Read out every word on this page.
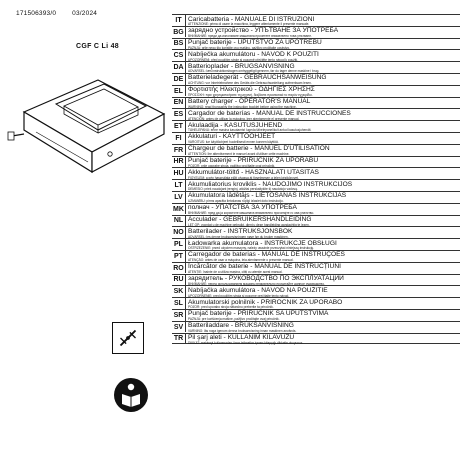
171506393/0 03/2024
CGF C Li 48
IT Caricabatteria - MANUALE DI ISTRUZIONI
ATTENZIONE: prima di usare la macchina, leggere attentamente il presente manuale.
BG зарядно устройство - УПЪТВАНЕ ЗА УПОТРЕБА
ВНИМАНИЕ: преди да използвате машината прочетете внимателно това упътване.
BS Punjač baterije - UPUTSTVO ZA UPOTREBU
PAŽNJA: prije nego što koristite ovu mašinu, pažljivo pročitajte uputstvo.
CS Nabíječka akumulátoru - NÁVOD K POUŽITÍ
UPOZORNĚNÍ: před použitím stroje si pozorně přečtěte tento návod k použití.
DA Batterioplader - BRUGSANVISNING
ADVARSEL: læs instruktionsbogen omhyggeligt igennem, før du tager denne maskine i brug.
DE Batterieladegerät - GEBRAUCHSANWEISUNG
ACHTUNG: vor Inbetriebnahme des Geräts die Gebrauchsanleitung aufmerksam lesen.
EL Φορτιστής Ηλεκτρικού - ΟΔΗΓΙΕΣ ΧΡΗΣΗΣ
ΠΡΟΣΟΧΗ: πριν χρησιμοποιήσετε τη μηχανή, διαβάστε προσεκτικά το παρόν εγχειρίδιο.
EN Battery charger - OPERATOR'S MANUAL
WARNING: read thoroughly the instruction booklet before using the machine.
ES Cargador de baterías - MANUAL DE INSTRUCCIONES
ATENCIÓN: antes de utilizar la máquina, leer atentamente el presente manual.
ET Akulaadija - KASUTUSJUHEND
TÄHELEPANU: enne masina kasutamist lugeda tähelepanelikult antud kasutusjuhendit.
FI Akkulaturi - KÄYTTÖOHJEET
VAROITUS: lue käyttöohjeet huolellisesti ennen koneen käyttöä.
FR Chargeur de batterie - MANUEL D'UTILISATION
ATTENTION: lire attentivement le manuel avant d'utiliser cette machine.
HR Punjač baterije - PRIRUČNIK ZA UPORABU
POZOR: prije uporabe stroja, pažljivo pročitajte ovaj priručnik.
HU Akkumulátor-töltő - HASZNÁLATI UTASÍTÁS
FIGYELEM: a gép használata előtt olvassa át figyelmesen a jelen kézikönyvet.
LT Akumuliatorius kroviklis - NAUDOJIMO INSTRUKCIJOS
DĖMESIO: prieš naudojant įrenginį, atidžiai perskaitykite šį naudotojo vadovą.
LV Akumulatora lādētājs - LIETOŠANAS INSTRUKCIJAS
UZMANĪBU: pirms aparāta lietošanas rūpīgi izlasiet doto instrukciju.
MK полнач - УПАТСТВА ЗА УПОТРЕБА
ВНИМАНИЕ: пред да ја користите машината внимателно прочитајте го ова упатство.
NL Acculader - GEBRUIKERSHANDLEIDING
LET OP: voordat u de machine gebruikt, dient u deze handleiding aandachtig te lezen.
NO Batterilader - INSTRUKSJONSBOK
ADVARSEL: les denne bruksanvisningen nøye før du bruker maskinen.
PL Ładowarka akumulatora - INSTRUKCJE OBSŁUGI
OSTRZEŻENIE: przed użyciem maszyny, należy uważnie przeczytać niniejszą instrukcję.
PT Carregador de baterias - MANUAL DE INSTRUÇÕES
ATENÇÃO: antes de usar a máquina, leia atentamente o presente manual.
RO Încărcător de baterie - MANUAL DE INSTRUCȚIUNI
ATENȚIE: înainte de a utiliza mașina, citiți cu atenție acest manual.
RU зарядитель - РУКОВОДСТВО ПО ЭКСПЛУАТАЦИИ
ВНИМАНИЕ: перед использованием машины внимательно прочитайте данное руководство.
SK Nabíjačka akumulátora - NÁVOD NA POUŽITIE
UPOZORNENIE: pred použitím stroja si pozorne prečítajte tento návod.
SL Akumulatorski polnilnik - PRIROČNIK ZA UPORABO
POZOR: pred uporabo stroja natančno preberite ta priročnik.
SR Punjač baterije - PRIRUČNIK SA UPUTSTVIMA
PAŽNJA: pre korišćenja mašine, pažljivo pročitajte ovaj priručnik.
SV Batteriladdare - BRUKSANVISNING
VARNING: läs noga igenom denna bruksanvisning innan maskinen används.
TR Pil şarj aleti - KULLANIM KILAVUZU
DİKKAT: makineyi kullanmadan önce talimatlar içeren kitapçığı dikkatle okuyunuz.
